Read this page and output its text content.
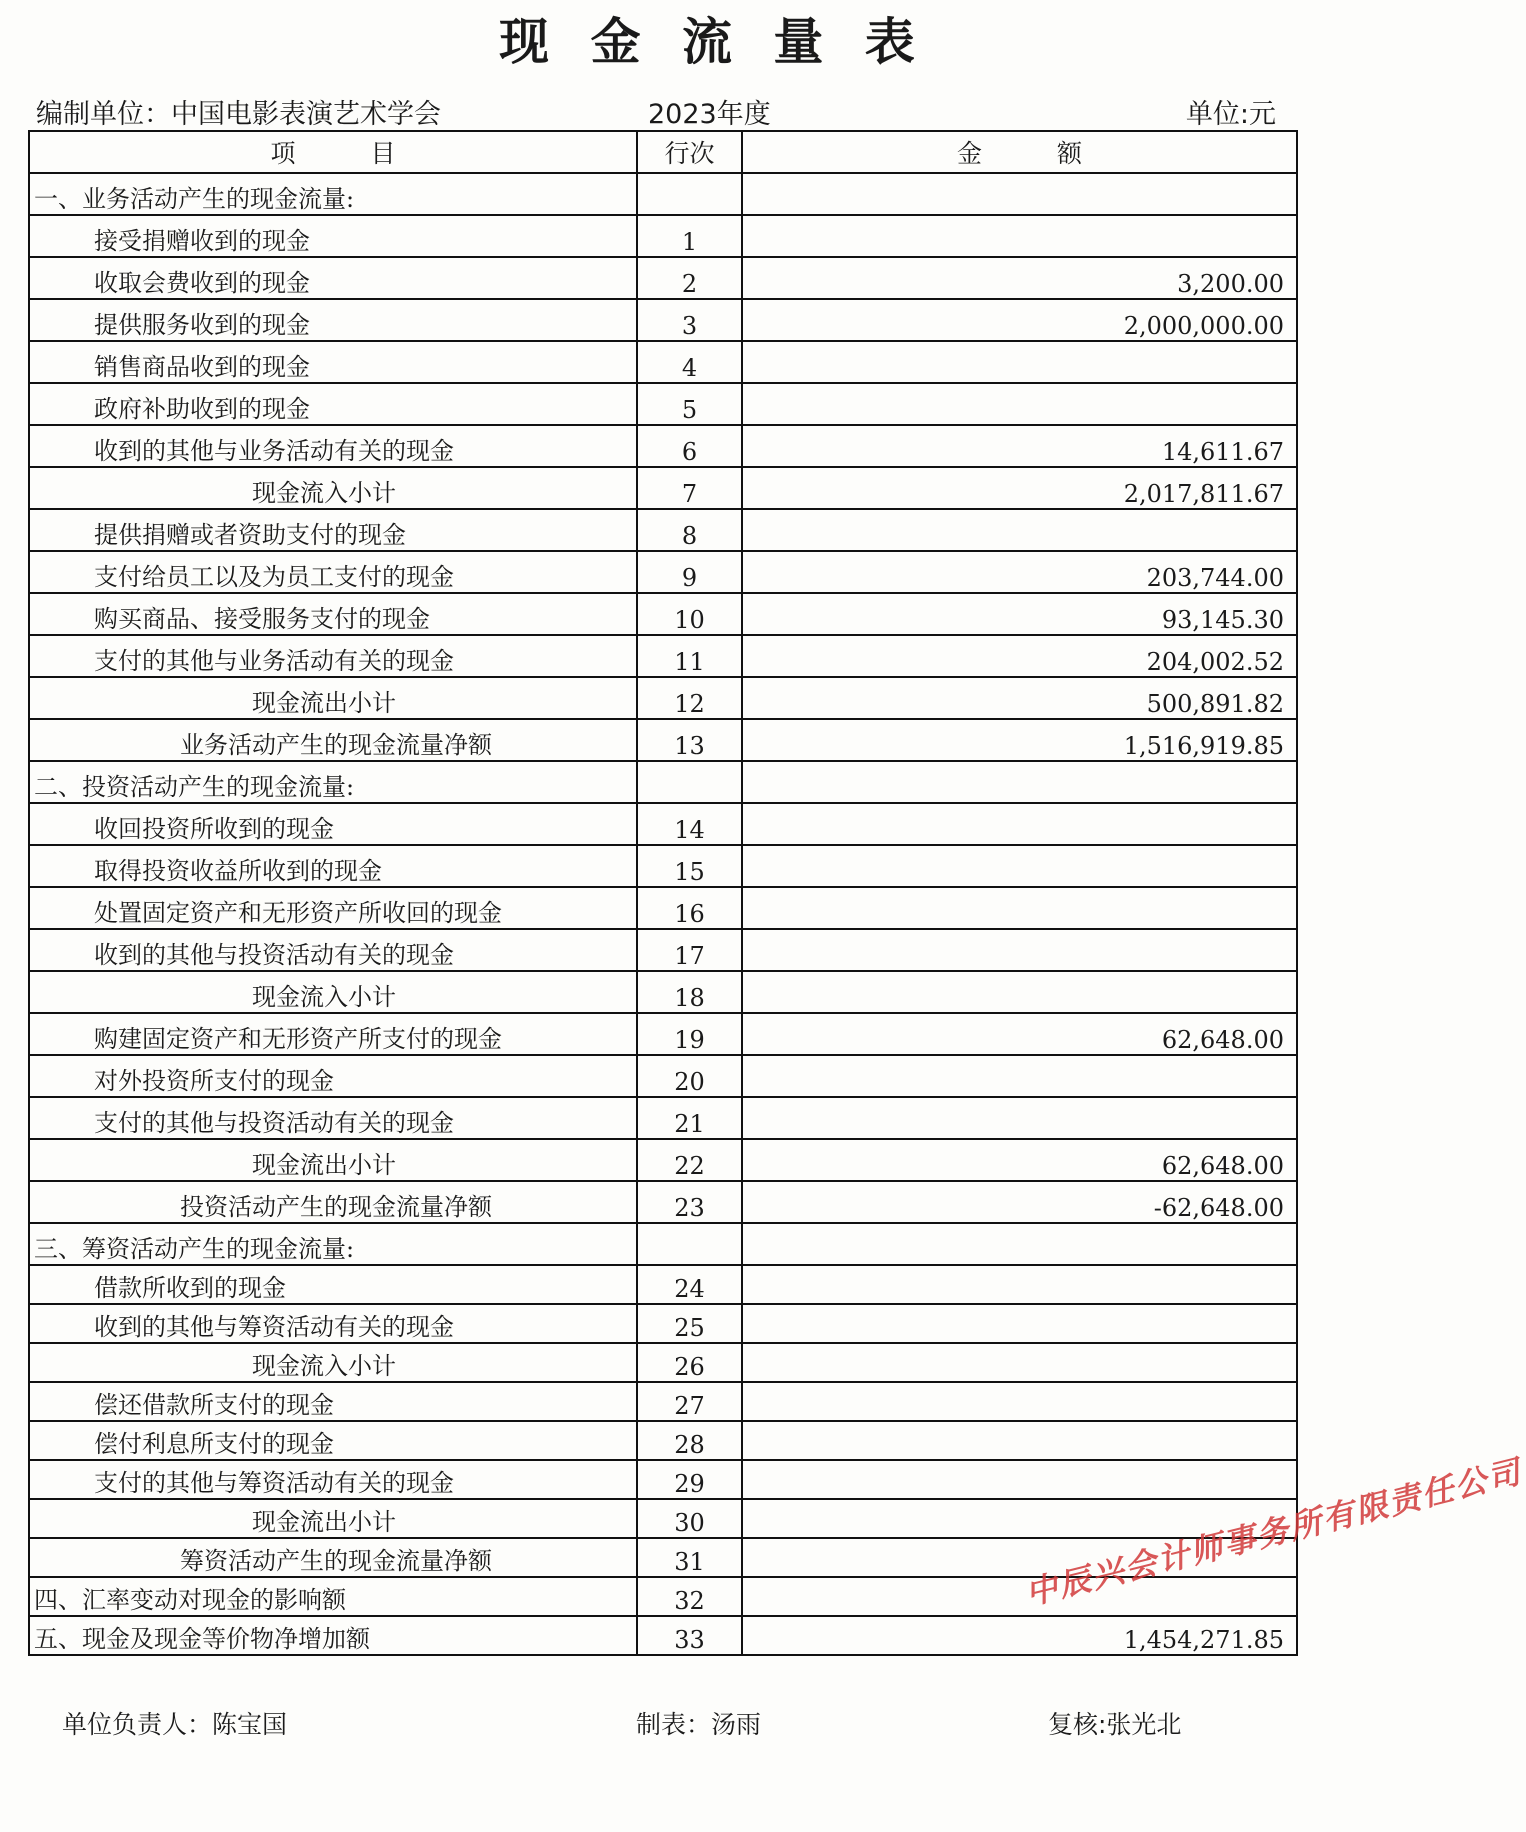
现 金 流 量 表
编制单位：中国电影表演艺术学会	2023年度	单位:元
项　　　目	行次	金　　　额
一、业务活动产生的现金流量:		
接受捐赠收到的现金	1	
收取会费收到的现金	2	3,200.00
提供服务收到的现金	3	2,000,000.00
销售商品收到的现金	4	
政府补助收到的现金	5	
收到的其他与业务活动有关的现金	6	14,611.67
现金流入小计	7	2,017,811.67
提供捐赠或者资助支付的现金	8	
支付给员工以及为员工支付的现金	9	203,744.00
购买商品、接受服务支付的现金	10	93,145.30
支付的其他与业务活动有关的现金	11	204,002.52
现金流出小计	12	500,891.82
业务活动产生的现金流量净额	13	1,516,919.85
二、投资活动产生的现金流量:		
收回投资所收到的现金	14	
取得投资收益所收到的现金	15	
处置固定资产和无形资产所收回的现金	16	
收到的其他与投资活动有关的现金	17	
现金流入小计	18	
购建固定资产和无形资产所支付的现金	19	62,648.00
对外投资所支付的现金	20	
支付的其他与投资活动有关的现金	21	
现金流出小计	22	62,648.00
投资活动产生的现金流量净额	23	-62,648.00
三、筹资活动产生的现金流量:		
借款所收到的现金	24	
收到的其他与筹资活动有关的现金	25	
现金流入小计	26	
偿还借款所支付的现金	27	
偿付利息所支付的现金	28	
支付的其他与筹资活动有关的现金	29	
现金流出小计	30	
筹资活动产生的现金流量净额	31	
四、汇率变动对现金的影响额	32	
五、现金及现金等价物净增加额	33	1,454,271.85
中辰兴会计师事务所有限责任公司
单位负责人：陈宝国	制表：汤雨	复核:张光北
